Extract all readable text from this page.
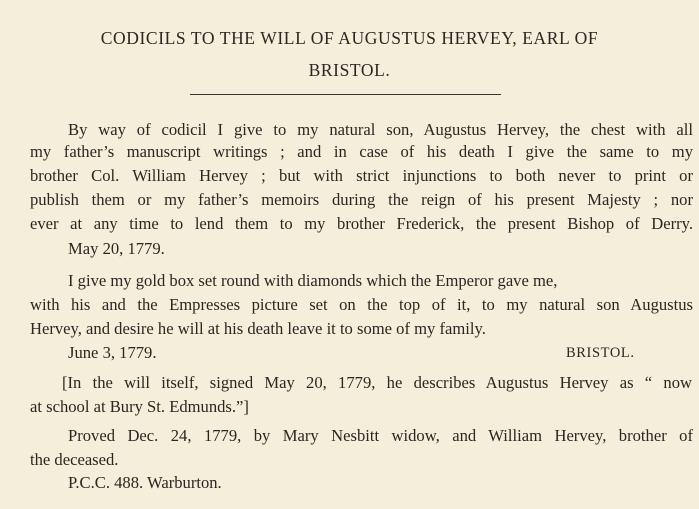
CODICILS TO THE WILL OF AUGUSTUS HERVEY, EARL OF
BRISTOL.
By way of codicil I give to my natural son, Augustus Hervey, the chest with all
my father’s manuscript writings ; and in case of his death I give the same to my
brother Col. William Hervey ; but with strict injunctions to both never to print or
publish them or my father’s memoirs during the reign of his present Majesty ; nor
ever at any time to lend them to my brother Frederick, the present Bishop of Derry.
May 20, 1779.
I give my gold box set round with diamonds which the Emperor gave me,
with his and the Empresses picture set on the top of it, to my natural son Augustus
Hervey, and desire he will at his death leave it to some of my family.
June 3, 1779.	BRISTOL.
[In the will itself, signed May 20, 1779, he describes Augustus Hervey as “ now
at school at Bury St. Edmunds.”]
Proved Dec. 24, 1779, by Mary Nesbitt widow, and William Hervey, brother of
the deceased.
P.C.C. 488. Warburton.
